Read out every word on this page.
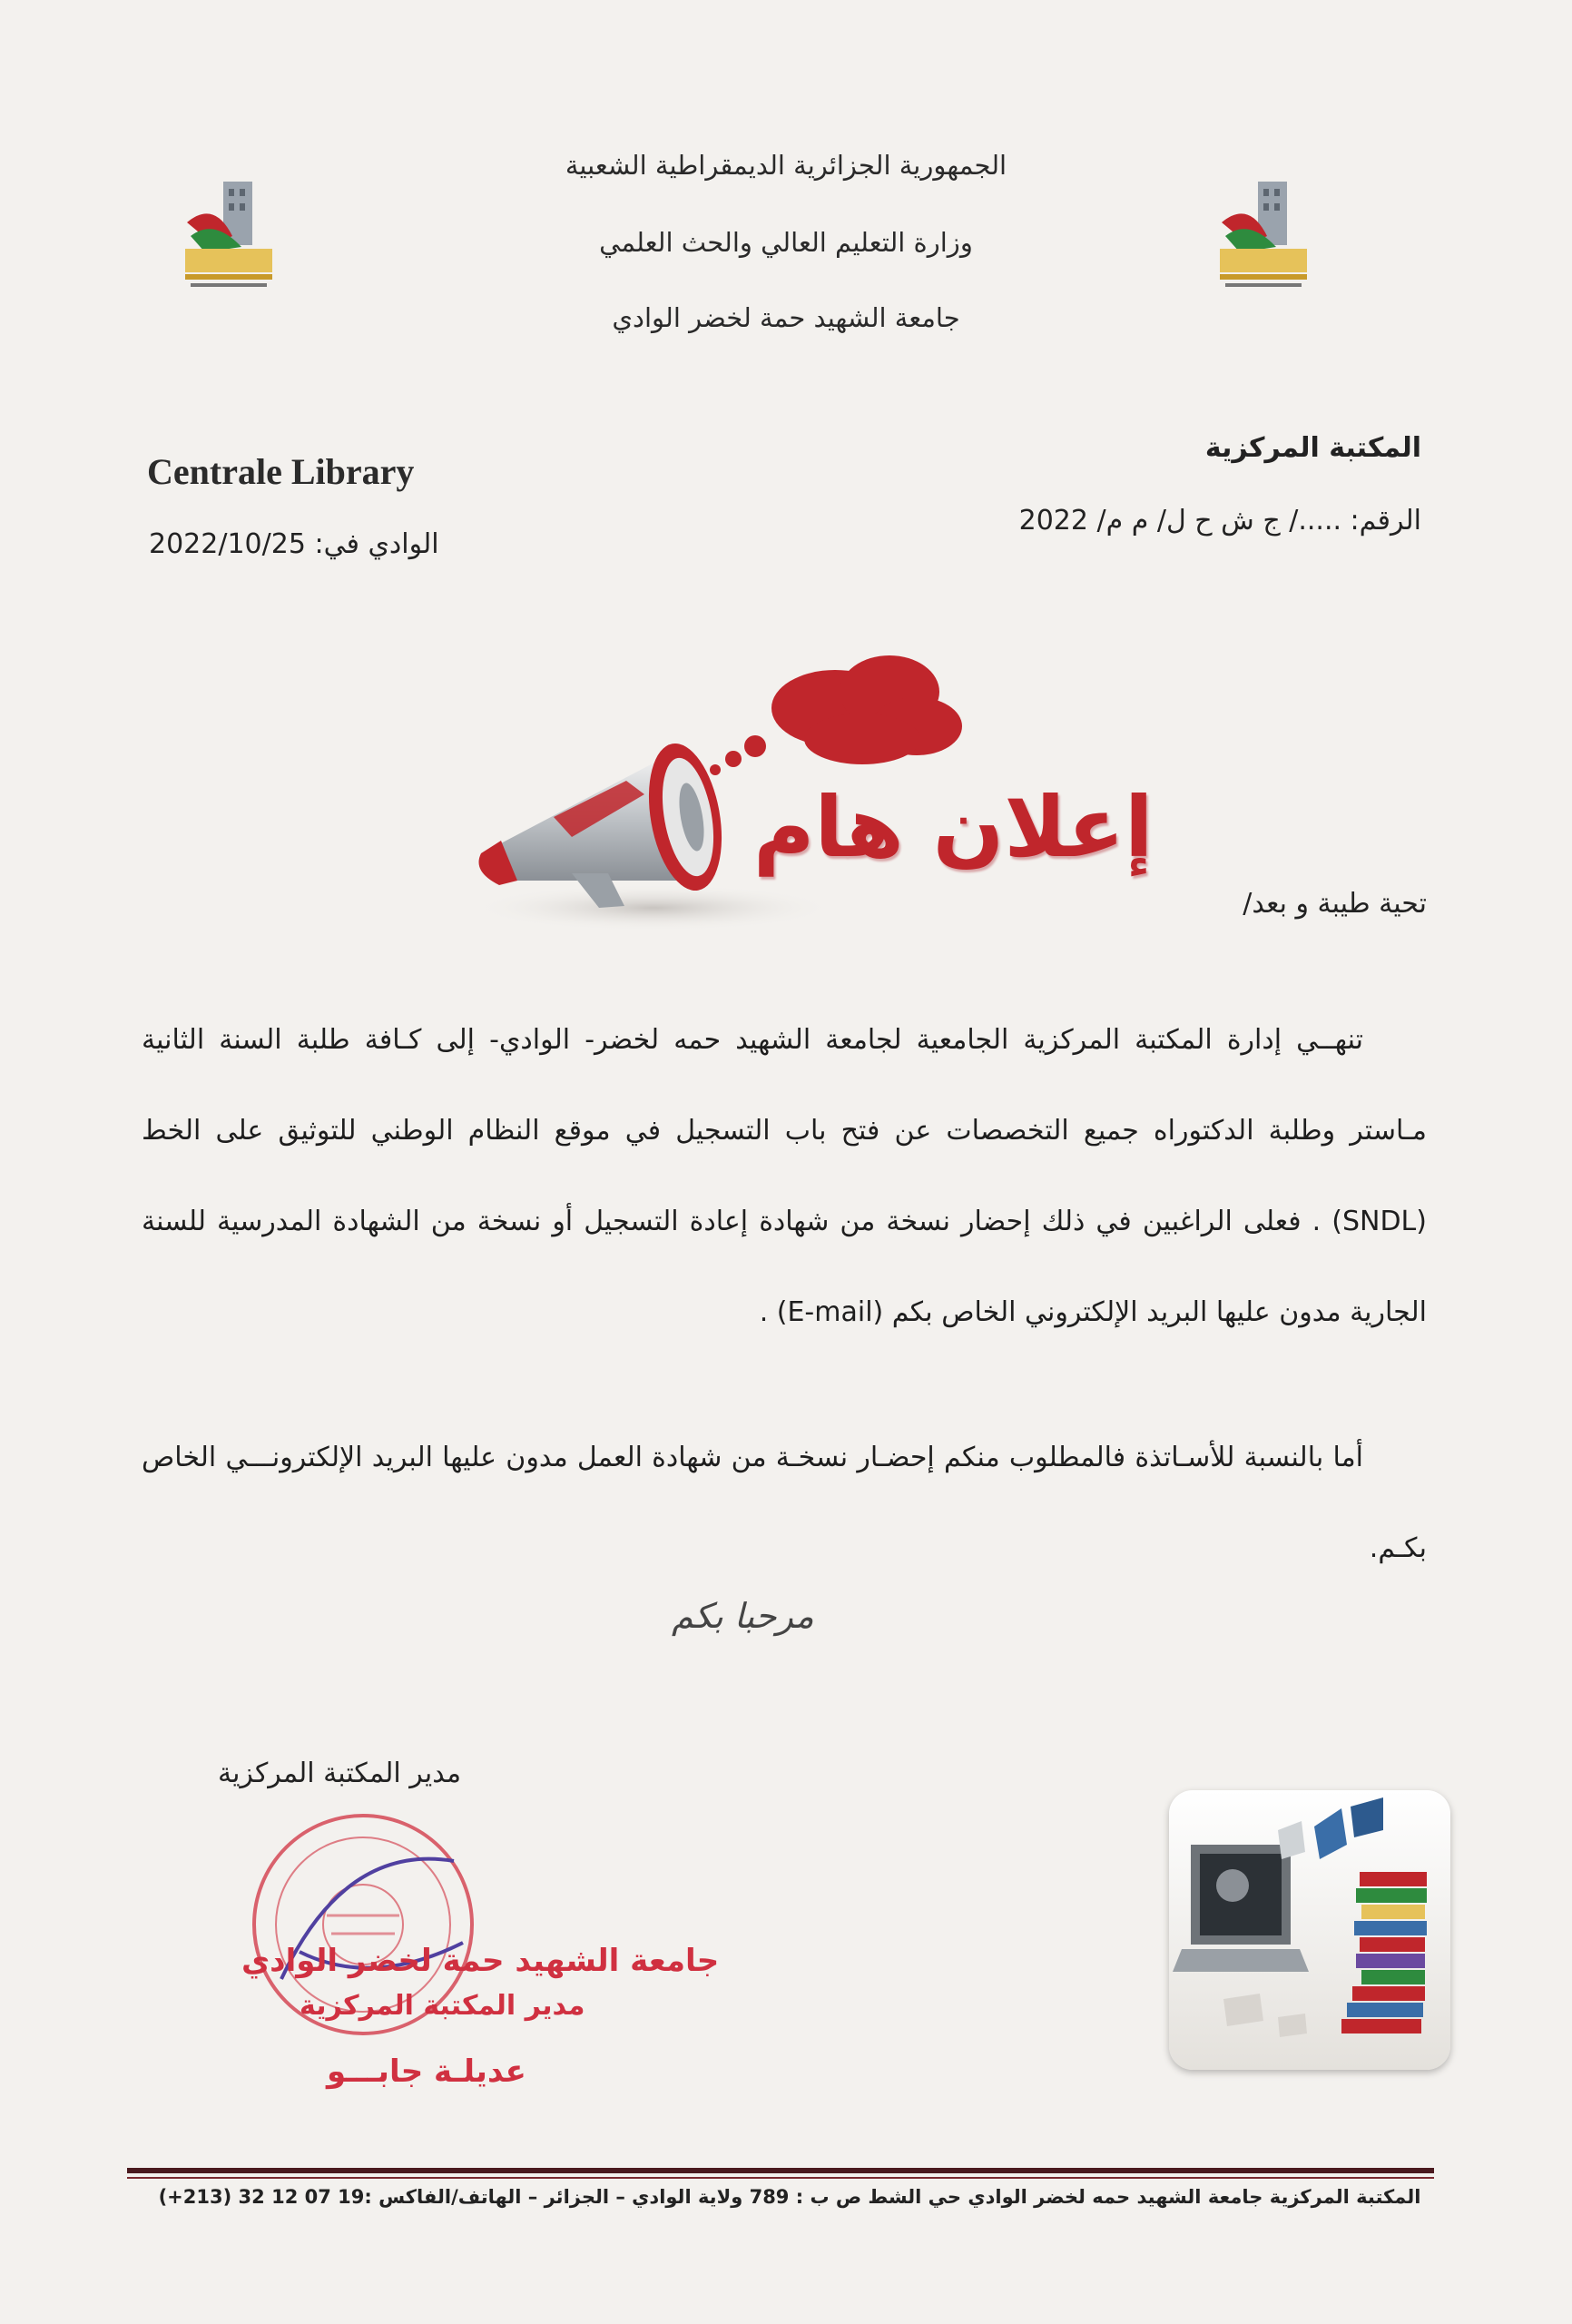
الجمهورية الجزائرية الديمقراطية الشعبية
وزارة التعليم العالي والحث العلمي
جامعة الشهيد حمة لخضر الوادي
المكتبة المركزية
Centrale Library
الرقم: ...../ ج ش ح ل/ م م/ 2022
الوادي في: 2022/10/25
إعلان هام
تحية طيبة و بعد/
تنهــي إدارة المكتبة المركزية الجامعية لجامعة الشهيد حمه لخضر- الوادي- إلى كـافة طلبة السنة الثانية مـاستر وطلبة الدكتوراه جميع التخصصات عن فتح باب التسجيل في موقع النظام الوطني للتوثيق على الخط (SNDL) . فعلى الراغبين في ذلك إحضار نسخة من شهادة إعادة التسجيل أو نسخة من الشهادة المدرسية للسنة الجارية مدون عليها البريد الإلكتروني الخاص بكم (E-mail) .
أما بالنسبة للأسـاتذة فالمطلوب منكم إحضـار نسخـة من شهادة العمل مدون عليها البريد الإلكترونـــي الخاص بكـم.
مرحبا بكم
مدير المكتبة المركزية
جامعة الشهيد حمة لخضر الوادي
مدير المكتبة المركزية
عديلـة جابـــو
المكتبة المركزية جامعة الشهيد حمه لخضر الوادي حي الشط ص ب : 789 ولاية الوادي – الجزائر – الهاتف/الفاكس :19 07 12 32 (213+)
